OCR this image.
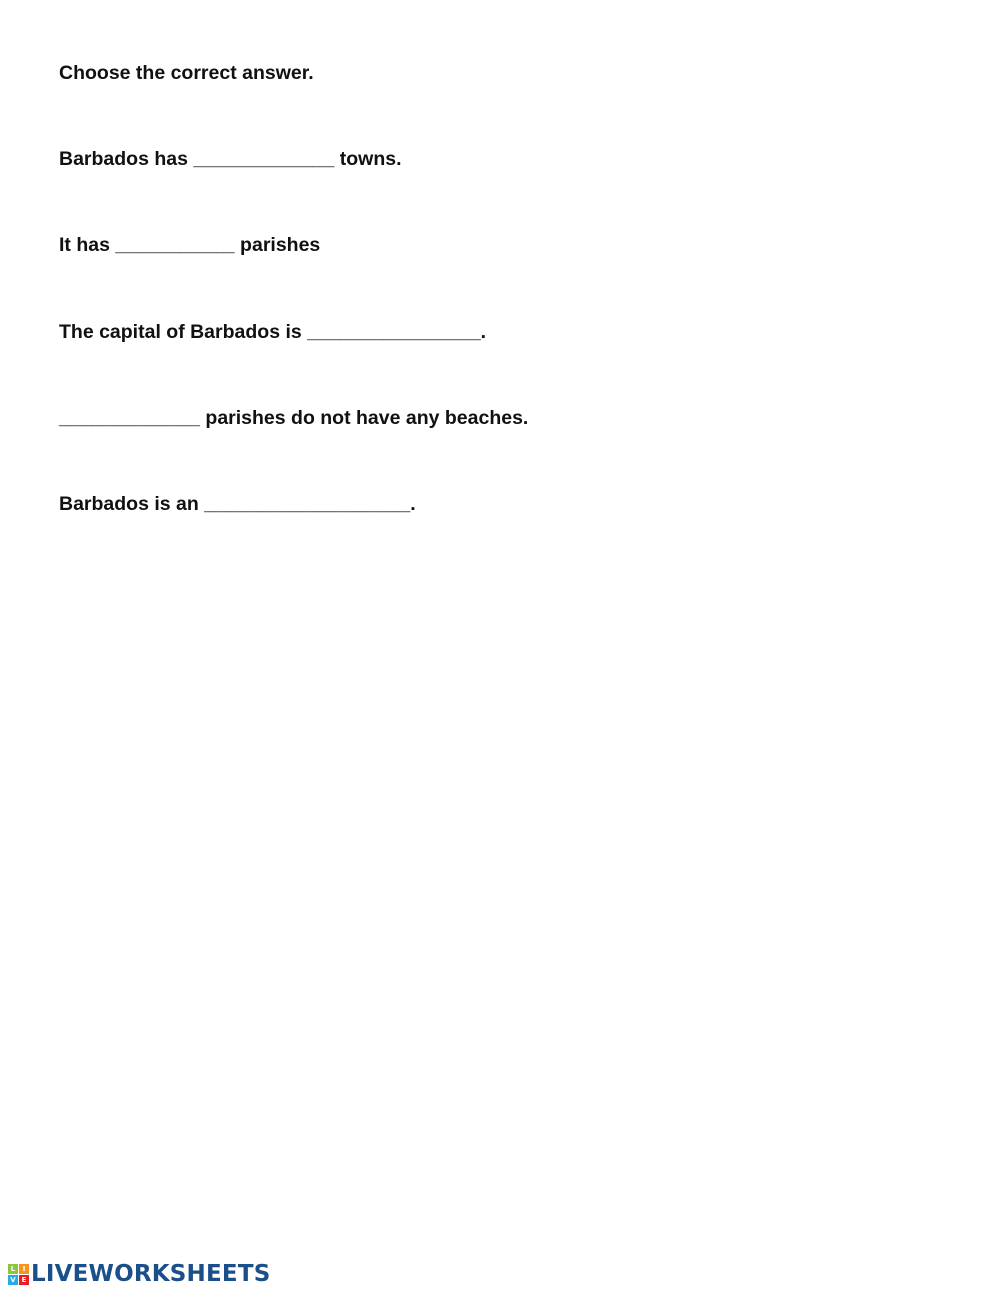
Choose the correct answer.
Barbados has _____________ towns.
It has ___________ parishes
The capital of Barbados is ________________.
_____________ parishes do not have any beaches.
Barbados is an ___________________.
L	I
V E LIVEWORKSHEETS
